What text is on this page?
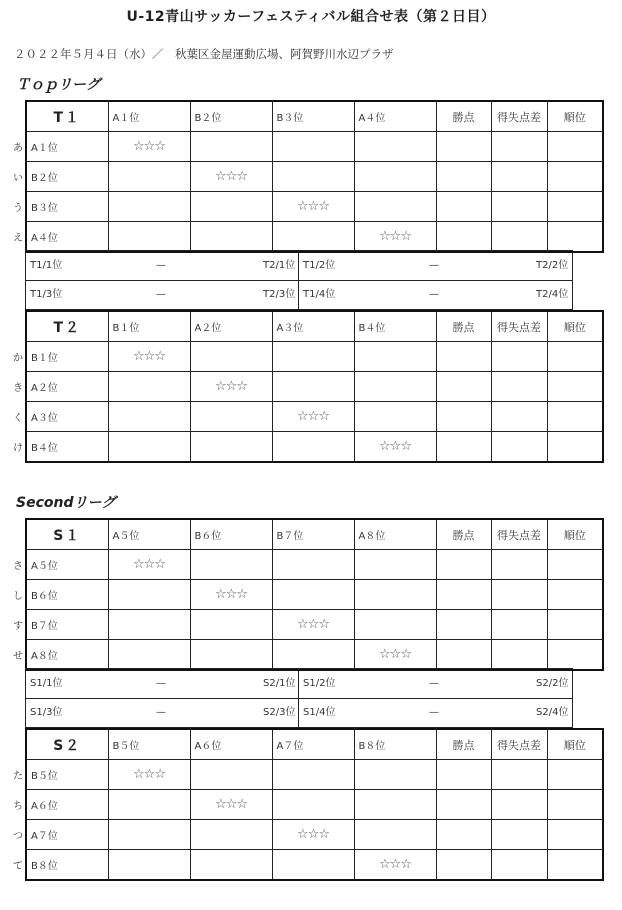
U-12青山サッカーフェスティバル組合せ表（第２日目）
２０２２年５月４日（水）／　秋葉区金屋運動広場、阿賀野川水辺プラザ
Ｔｏｐリーグ
あ
い
う
え
T１	A１位	B２位	B３位	A４位	勝点	得失点差	順位
A１位	☆☆☆						
B２位		☆☆☆					
B３位			☆☆☆				
A４位				☆☆☆			
T1/1位	—	T2/1位 T1/2位	—	T2/2位
T1/3位	—	T2/3位 T1/4位	—	T2/4位
か
き
く
け
T２	B１位	A２位	A３位	B４位	勝点	得失点差	順位
B１位	☆☆☆						
A２位		☆☆☆					
A３位			☆☆☆				
B４位				☆☆☆			
Secondリーグ
さ
し
す
せ
S１	A５位	B６位	B７位	A８位	勝点	得失点差	順位
A５位	☆☆☆						
B６位		☆☆☆					
B７位			☆☆☆				
A８位				☆☆☆			
S1/1位	—	S2/1位 S1/2位	—	S2/2位
S1/3位	—	S2/3位 S1/4位	—	S2/4位
た
ち
つ
て
S２	B５位	A６位	A７位	B８位	勝点	得失点差	順位
B５位	☆☆☆						
A６位		☆☆☆					
A７位			☆☆☆				
B８位				☆☆☆			
